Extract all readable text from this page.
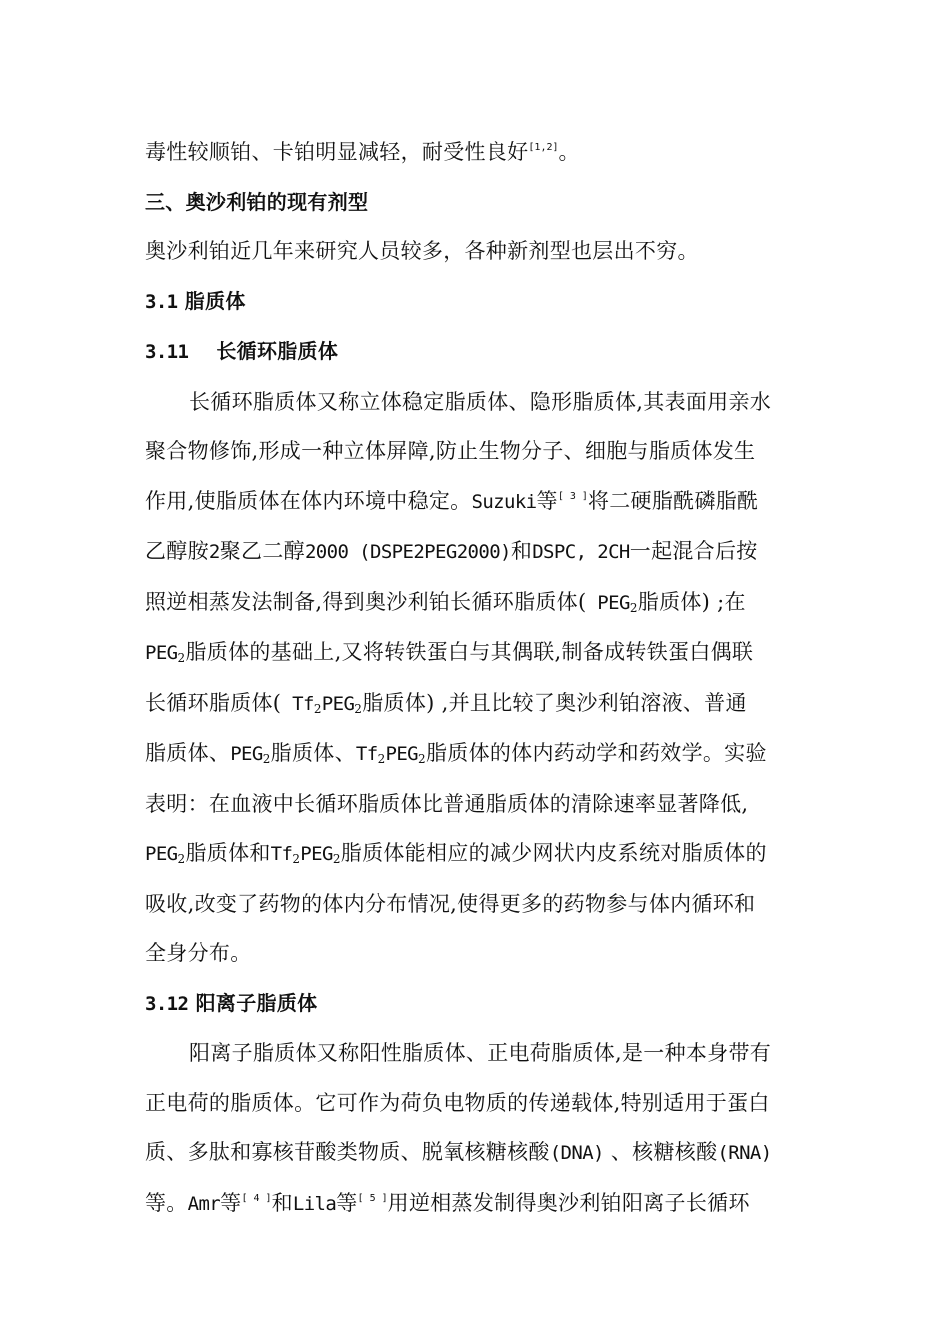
毒性较顺铂、卡铂明显减轻，耐受性良好[1,2]。
三、奥沙利铂的现有剂型
奥沙利铂近几年来研究人员较多，各种新剂型也层出不穷。
3.1 脂质体
3.11 长循环脂质体
长循环脂质体又称立体稳定脂质体、隐形脂质体,其表面用亲水
聚合物修饰,形成一种立体屏障,防止生物分子、细胞与脂质体发生
作用,使脂质体在体内环境中稳定。Suzuki等[ 3 ]将二硬脂酰磷脂酰
乙醇胺2聚乙二醇2000 (DSPE2PEG2000)和DSPC, 2CH一起混合后按
照逆相蒸发法制备,得到奥沙利铂长循环脂质体( $PEG_2$脂质体) ;在
$PEG_2$脂质体的基础上,又将转铁蛋白与其偶联,制备成转铁蛋白偶联
长循环脂质体( $Tf_2PEG_2$脂质体) ,并且比较了奥沙利铂溶液、普通
脂质体、$PEG_2$脂质体、$Tf_2PEG_2$脂质体的体内药动学和药效学。实验
表明：在血液中长循环脂质体比普通脂质体的清除速率显著降低,
$PEG_2$脂质体和$Tf_2PEG_2$脂质体能相应的减少网状内皮系统对脂质体的
吸收,改变了药物的体内分布情况,使得更多的药物参与体内循环和
全身分布。
3.12 阳离子脂质体
阳离子脂质体又称阳性脂质体、正电荷脂质体,是一种本身带有
正电荷的脂质体。它可作为荷负电物质的传递载体,特别适用于蛋白
质、多肽和寡核苷酸类物质、脱氧核糖核酸(DNA) 、核糖核酸(RNA)
等。Amr等[ 4 ]和Lila等[ 5 ]用逆相蒸发制得奥沙利铂阳离子长循环
